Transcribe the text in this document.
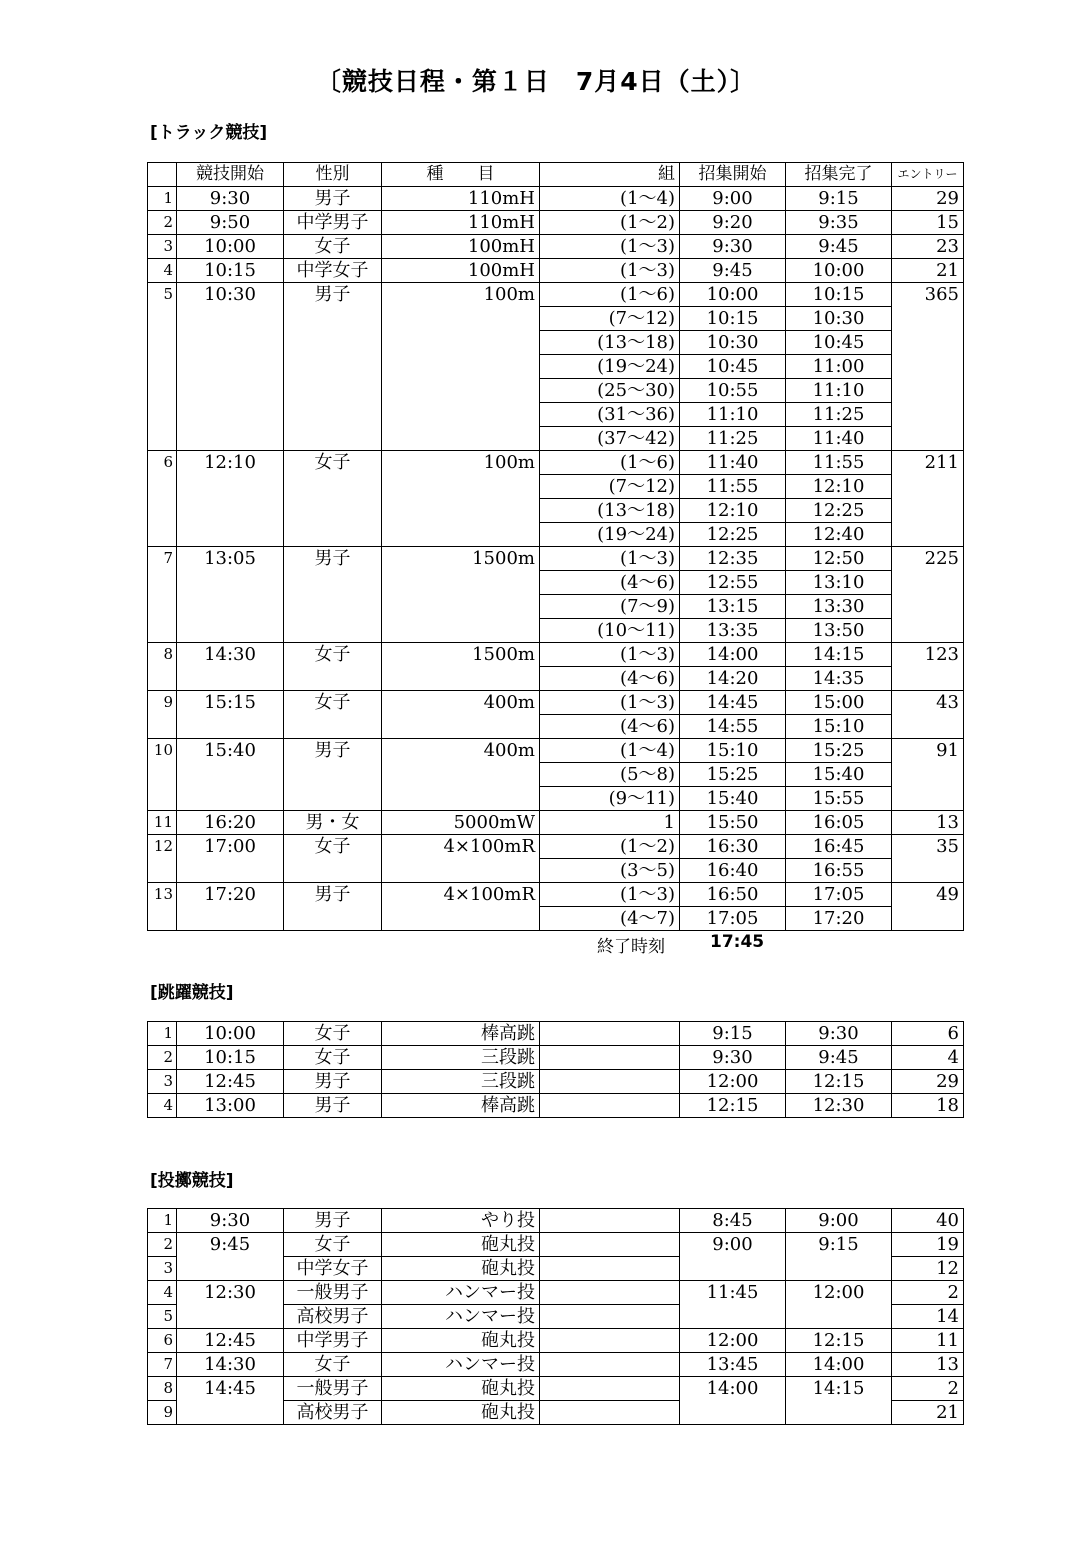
〔競技日程・第１日　7月4日（土）〕
[トラック競技]
	競技開始	性別	種　　目	組	招集開始	招集完了	エントリー
1	9:30	男子	110mH	(1～4)	9:00	9:15	29
2	9:50	中学男子	110mH	(1～2)	9:20	9:35	15
3	10:00	女子	100mH	(1～3)	9:30	9:45	23
4	10:15	中学女子	100mH	(1～3)	9:45	10:00	21
5	10:30	男子	100m	(1～6)	10:00	10:15	365
				(7～12)	10:15	10:30	
				(13～18)	10:30	10:45	
				(19～24)	10:45	11:00	
				(25～30)	10:55	11:10	
				(31～36)	11:10	11:25	
				(37～42)	11:25	11:40	
6	12:10	女子	100m	(1～6)	11:40	11:55	211
				(7～12)	11:55	12:10	
				(13～18)	12:10	12:25	
				(19～24)	12:25	12:40	
7	13:05	男子	1500m	(1～3)	12:35	12:50	225
				(4～6)	12:55	13:10	
				(7～9)	13:15	13:30	
				(10～11)	13:35	13:50	
8	14:30	女子	1500m	(1～3)	14:00	14:15	123
				(4～6)	14:20	14:35	
9	15:15	女子	400m	(1～3)	14:45	15:00	43
				(4～6)	14:55	15:10	
10	15:40	男子	400m	(1～4)	15:10	15:25	91
				(5～8)	15:25	15:40	
				(9～11)	15:40	15:55	
11	16:20	男・女	5000mW	1	15:50	16:05	13
12	17:00	女子	4×100mR	(1～2)	16:30	16:45	35
				(3～5)	16:40	16:55	
13	17:20	男子	4×100mR	(1～3)	16:50	17:05	49
				(4～7)	17:05	17:20	
終了時刻	17:45
[跳躍競技]
1	10:00	女子	棒高跳		9:15	9:30	6
2	10:15	女子	三段跳		9:30	9:45	4
3	12:45	男子	三段跳		12:00	12:15	29
4	13:00	男子	棒高跳		12:15	12:30	18
[投擲競技]
1	9:30	男子	やり投		8:45	9:00	40
2	9:45	女子	砲丸投		9:00	9:15	19
3		中学女子	砲丸投				12
4	12:30	一般男子	ハンマー投		11:45	12:00	2
5		高校男子	ハンマー投				14
6	12:45	中学男子	砲丸投		12:00	12:15	11
7	14:30	女子	ハンマー投		13:45	14:00	13
8	14:45	一般男子	砲丸投		14:00	14:15	2
9		高校男子	砲丸投				21
